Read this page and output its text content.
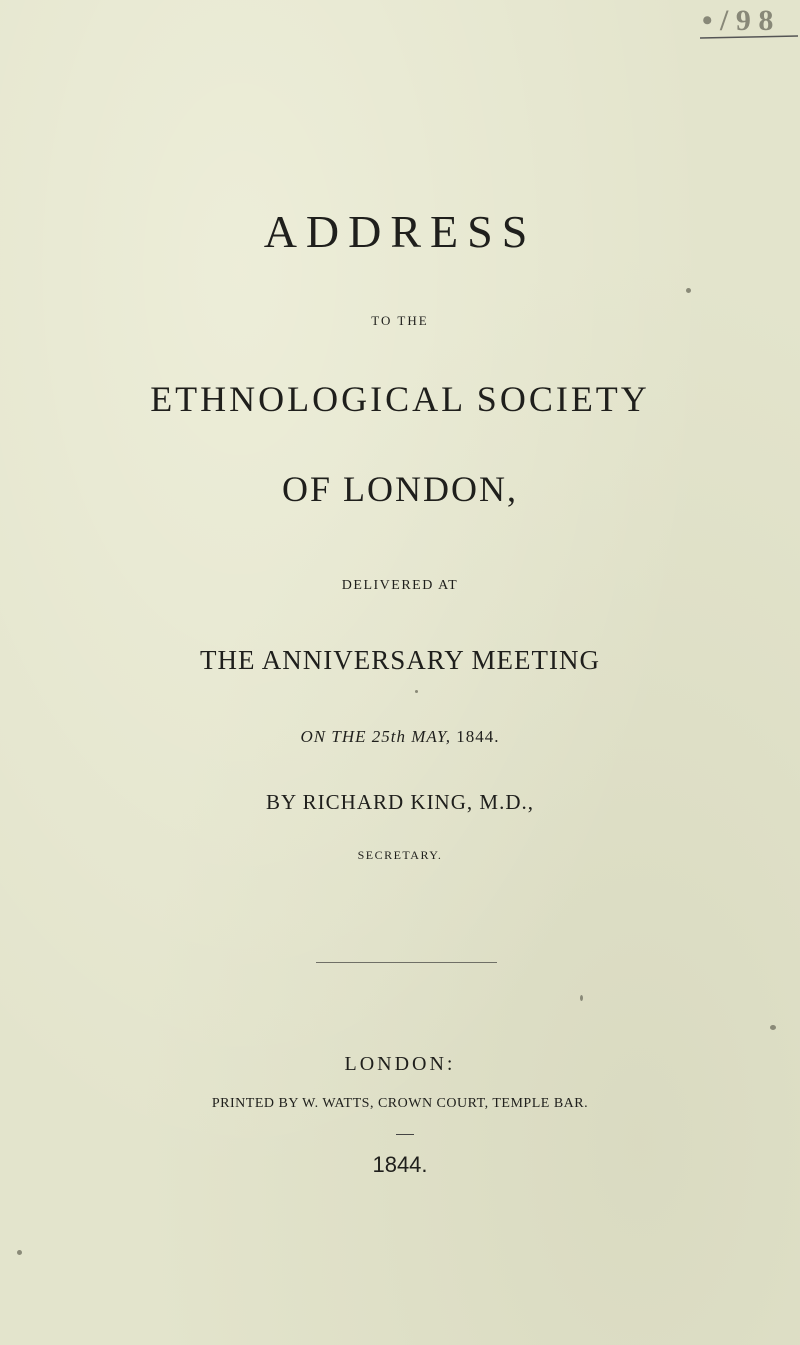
• / 9 8
ADDRESS

TO THE

ETHNOLOGICAL SOCIETY

OF LONDON,

DELIVERED AT

THE ANNIVERSARY MEETING

ON THE 25th MAY, 1844.

BY RICHARD KING, M.D.,

SECRETARY.

LONDON:

PRINTED BY W. WATTS, CROWN COURT, TEMPLE BAR.

1844.
